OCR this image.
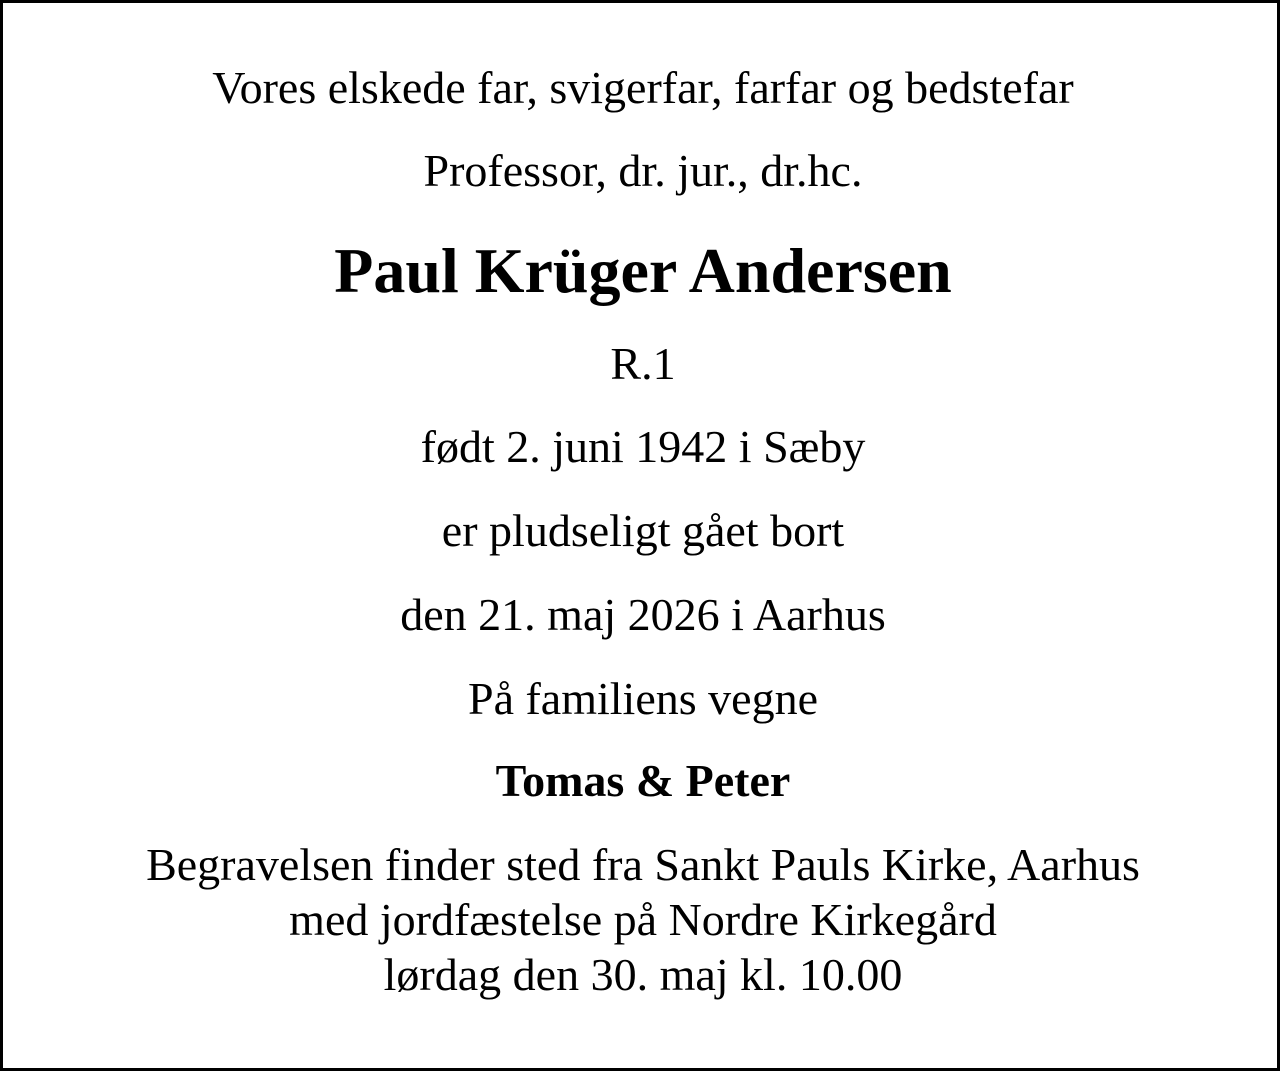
Vores elskede far, svigerfar, farfar og bedstefar
Professor, dr. jur., dr.hc.
Paul Krüger Andersen
R.1
født 2. juni 1942 i Sæby
er pludseligt gået bort
den 21. maj 2026 i Aarhus
På familiens vegne
Tomas & Peter
Begravelsen finder sted fra Sankt Pauls Kirke, Aarhus
med jordfæstelse på Nordre Kirkegård
lørdag den 30. maj kl. 10.00
